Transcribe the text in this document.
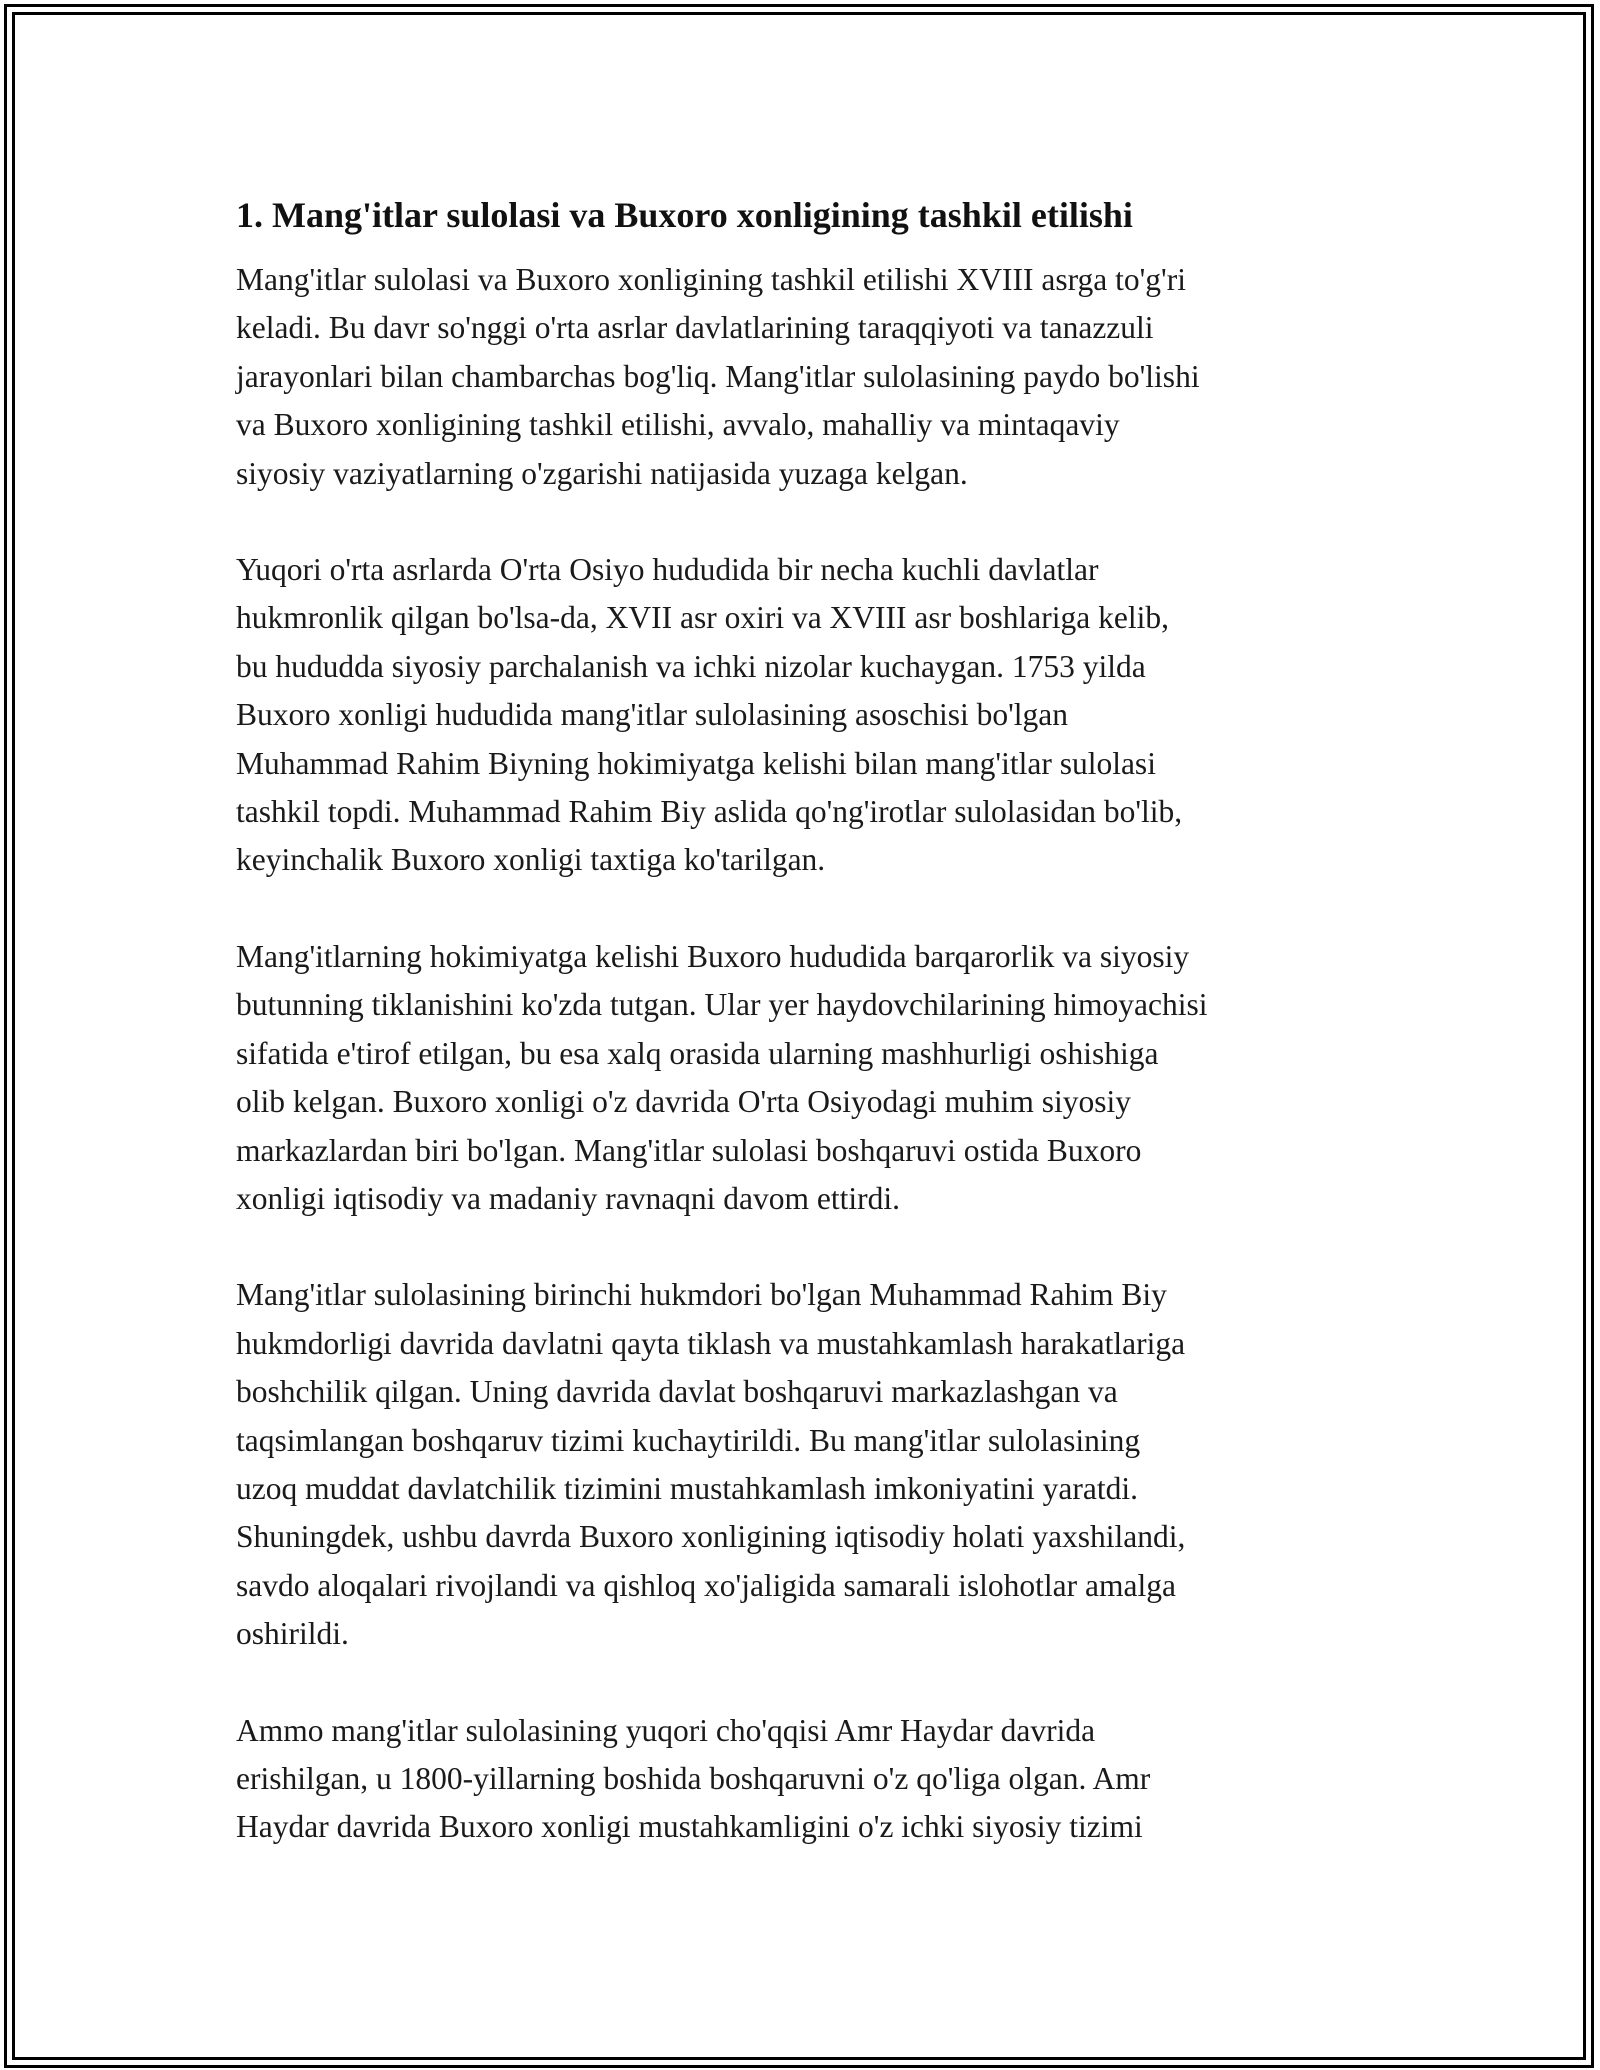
1. Mang'itlar sulolasi va Buxoro xonligining tashkil etilishi

Mang'itlar sulolasi va Buxoro xonligining tashkil etilishi XVIII asrga to'g'ri
keladi. Bu davr so'nggi o'rta asrlar davlatlarining taraqqiyoti va tanazzuli
jarayonlari bilan chambarchas bog'liq. Mang'itlar sulolasining paydo bo'lishi
va Buxoro xonligining tashkil etilishi, avvalo, mahalliy va mintaqaviy
siyosiy vaziyatlarning o'zgarishi natijasida yuzaga kelgan.

Yuqori o'rta asrlarda O'rta Osiyo hududida bir necha kuchli davlatlar
hukmronlik qilgan bo'lsa-da, XVII asr oxiri va XVIII asr boshlariga kelib,
bu hududda siyosiy parchalanish va ichki nizolar kuchaygan. 1753 yilda
Buxoro xonligi hududida mang'itlar sulolasining asoschisi bo'lgan
Muhammad Rahim Biyning hokimiyatga kelishi bilan mang'itlar sulolasi
tashkil topdi. Muhammad Rahim Biy aslida qo'ng'irotlar sulolasidan bo'lib,
keyinchalik Buxoro xonligi taxtiga ko'tarilgan.

Mang'itlarning hokimiyatga kelishi Buxoro hududida barqarorlik va siyosiy
butunning tiklanishini ko'zda tutgan. Ular yer haydovchilarining himoyachisi
sifatida e'tirof etilgan, bu esa xalq orasida ularning mashhurligi oshishiga
olib kelgan. Buxoro xonligi o'z davrida O'rta Osiyodagi muhim siyosiy
markazlardan biri bo'lgan. Mang'itlar sulolasi boshqaruvi ostida Buxoro
xonligi iqtisodiy va madaniy ravnaqni davom ettirdi.

Mang'itlar sulolasining birinchi hukmdori bo'lgan Muhammad Rahim Biy
hukmdorligi davrida davlatni qayta tiklash va mustahkamlash harakatlariga
boshchilik qilgan. Uning davrida davlat boshqaruvi markazlashgan va
taqsimlangan boshqaruv tizimi kuchaytirildi. Bu mang'itlar sulolasining
uzoq muddat davlatchilik tizimini mustahkamlash imkoniyatini yaratdi.
Shuningdek, ushbu davrda Buxoro xonligining iqtisodiy holati yaxshilandi,
savdo aloqalari rivojlandi va qishloq xo'jaligida samarali islohotlar amalga
oshirildi.

Ammo mang'itlar sulolasining yuqori cho'qqisi Amr Haydar davrida
erishilgan, u 1800-yillarning boshida boshqaruvni o'z qo'liga olgan. Amr
Haydar davrida Buxoro xonligi mustahkamligini o'z ichki siyosiy tizimi
